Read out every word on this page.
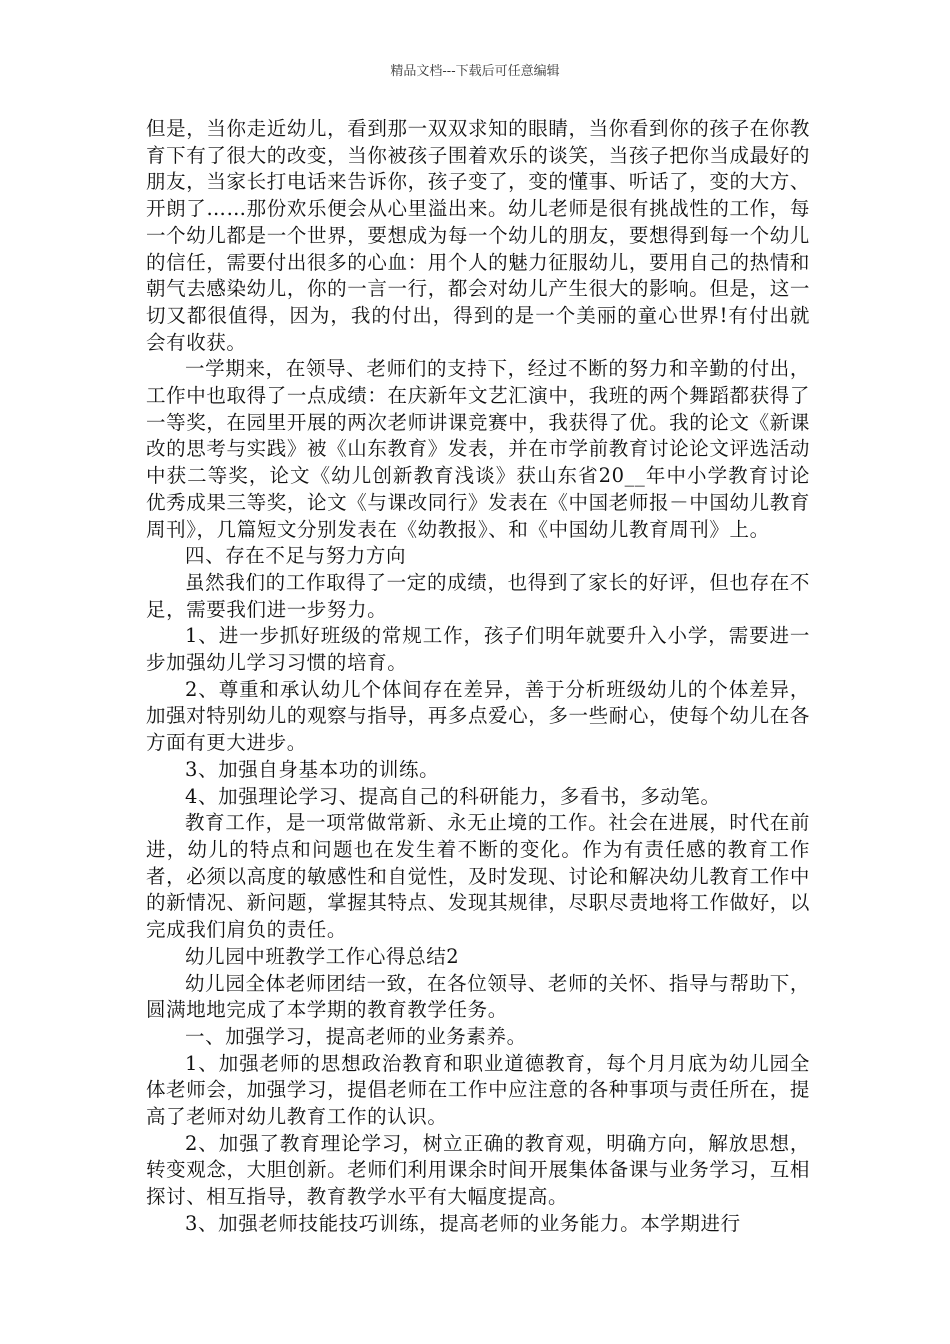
精品文档---下载后可任意编辑

但是，当你走近幼儿，看到那一双双求知的眼睛，当你看到你的孩子在你教育下有了很大的改变，当你被孩子围着欢乐的谈笑，当孩子把你当成最好的朋友，当家长打电话来告诉你，孩子变了，变的懂事、听话了，变的大方、开朗了……那份欢乐便会从心里溢出来。幼儿老师是很有挑战性的工作，每一个幼儿都是一个世界，要想成为每一个幼儿的朋友，要想得到每一个幼儿的信任，需要付出很多的心血：用个人的魅力征服幼儿，要用自己的热情和朝气去感染幼儿，你的一言一行，都会对幼儿产生很大的影响。但是，这一切又都很值得，因为，我的付出，得到的是一个美丽的童心世界!有付出就会有收获。

一学期来，在领导、老师们的支持下，经过不断的努力和辛勤的付出，工作中也取得了一点成绩：在庆新年文艺汇演中，我班的两个舞蹈都获得了一等奖，在园里开展的两次老师讲课竞赛中，我获得了优。我的论文《新课改的思考与实践》被《山东教育》发表，并在市学前教育讨论论文评选活动中获二等奖，论文《幼儿创新教育浅谈》获山东省20__年中小学教育讨论优秀成果三等奖，论文《与课改同行》发表在《中国老师报－中国幼儿教育周刊》，几篇短文分别发表在《幼教报》、和《中国幼儿教育周刊》上。

四、存在不足与努力方向

虽然我们的工作取得了一定的成绩，也得到了家长的好评，但也存在不足，需要我们进一步努力。

1、进一步抓好班级的常规工作，孩子们明年就要升入小学，需要进一步加强幼儿学习习惯的培育。

2、尊重和承认幼儿个体间存在差异，善于分析班级幼儿的个体差异，加强对特别幼儿的观察与指导，再多点爱心，多一些耐心，使每个幼儿在各方面有更大进步。

3、加强自身基本功的训练。

4、加强理论学习、提高自己的科研能力，多看书，多动笔。

教育工作，是一项常做常新、永无止境的工作。社会在进展，时代在前进，幼儿的特点和问题也在发生着不断的变化。作为有责任感的教育工作者，必须以高度的敏感性和自觉性，及时发现、讨论和解决幼儿教育工作中的新情况、新问题，掌握其特点、发现其规律，尽职尽责地将工作做好，以完成我们肩负的责任。

幼儿园中班教学工作心得总结2

幼儿园全体老师团结一致，在各位领导、老师的关怀、指导与帮助下，圆满地地完成了本学期的教育教学任务。

一、加强学习，提高老师的业务素养。

1、加强老师的思想政治教育和职业道德教育，每个月月底为幼儿园全体老师会，加强学习，提倡老师在工作中应注意的各种事项与责任所在，提高了老师对幼儿教育工作的认识。

2、加强了教育理论学习，树立正确的教育观，明确方向，解放思想，转变观念，大胆创新。老师们利用课余时间开展集体备课与业务学习，互相探讨、相互指导，教育教学水平有大幅度提高。

3、加强老师技能技巧训练，提高老师的业务能力。本学期进行
